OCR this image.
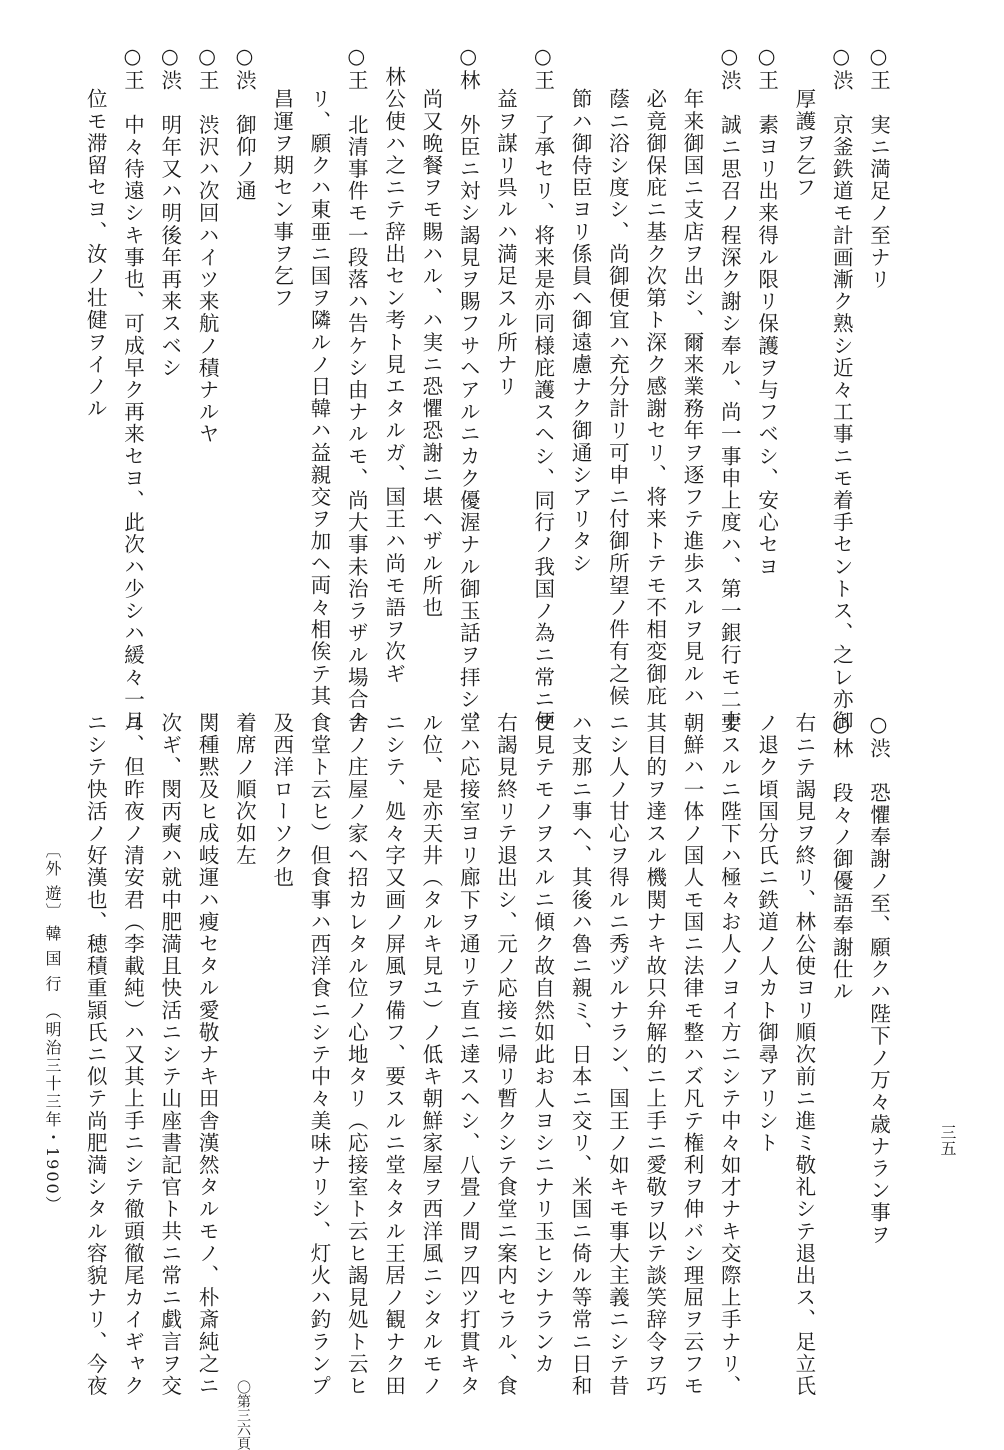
○王　実ニ満足ノ至ナリ
○渋　京釜鉄道モ計画漸ク熟シ近々工事ニモ着手セントス、之レ亦御
　　厚護ヲ乞フ
○王　素ヨリ出来得ル限リ保護ヲ与フベシ、安心セヨ
○渋　誠ニ思召ノ程深ク謝シ奉ル、尚一事申上度ハ、第一銀行モ二十
　　年来御国ニ支店ヲ出シ、爾来業務年ヲ逐フテ進歩スルヲ見ルハ
　　必竟御保庇ニ基ク次第ト深ク感謝セリ、将来トテモ不相変御庇
　　蔭ニ浴シ度シ、尚御便宜ハ充分計リ可申ニ付御所望ノ件有之候
　　節ハ御侍臣ヨリ係員ヘ御遠慮ナク御通シアリタシ
○王　了承セリ、将来是亦同様庇護スヘシ、同行ノ我国ノ為ニ常ニ便
　　益ヲ謀リ呉ルハ満足スル所ナリ
○林　外臣ニ対シ謁見ヲ賜フサヘアルニカク優渥ナル御玉話ヲ拝シ、
　　尚又晩餐ヲモ賜ハル、ハ実ニ恐懼恐謝ニ堪ヘザル所也
　林公使ハ之ニテ辞出セン考ト見エタルガ、国王ハ尚モ語ヲ次ギ
○王　北清事件モ一段落ハ告ケシ由ナルモ、尚大事未治ラザル場合ナ
　　リ、願クハ東亜ニ国ヲ隣ルノ日韓ハ益親交ヲ加ヘ両々相俟テ其
　　昌運ヲ期セン事ヲ乞フ
○渋　御仰ノ通
○王　渋沢ハ次回ハイツ来航ノ積ナルヤ
○渋　明年又ハ明後年再来スベシ
○王　中々待遠シキ事也、可成早ク再来セヨ、此次ハ少シハ緩々一月
　　位モ滞留セヨ、汝ノ壮健ヲイノル
○渋　恐懼奉謝ノ至、願クハ陛下ノ万々歳ナラン事ヲ
○林　段々ノ御優語奉謝仕ル
右ニテ謁見ヲ終リ、林公使ヨリ順次前ニ進ミ敬礼シテ退出ス、足立氏
ノ退ク頃国分氏ニ鉄道ノ人カト御尋アリシト
要スルニ陛下ハ極々お人ノヨイ方ニシテ中々如才ナキ交際上手ナリ、
朝鮮ハ一体ノ国人モ国ニ法律モ整ハズ凡テ権利ヲ伸バシ理屈ヲ云フモ
其目的ヲ達スル機関ナキ故只弁解的ニ上手ニ愛敬ヲ以テ談笑辞令ヲ巧
ニシ人ノ甘心ヲ得ルニ秀ヅルナラン、国王ノ如キモ事大主義ニシテ昔
ハ支那ニ事ヘ、其後ハ魯ニ親ミ、日本ニ交リ、米国ニ倚ル等常ニ日和
ヲ見テモノヲスルニ傾ク故自然如此お人ヨシニナリ玉ヒシナランカ
右謁見終リテ退出シ、元ノ応接ニ帰リ暫クシテ食堂ニ案内セラル、食
堂ハ応接室ヨリ廊下ヲ通リテ直ニ達スヘシ、八畳ノ間ヲ四ツ打貫キタ
ル位、是亦天井（タルキ見ユ）ノ低キ朝鮮家屋ヲ西洋風ニシタルモノ
ニシテ、処々字又画ノ屏風ヲ備フ、要スルニ堂々タル王居ノ観ナク田
舎ノ庄屋ノ家ヘ招カレタル位ノ心地タリ（応接室ト云ヒ謁見処ト云ヒ
食堂ト云ヒ）但食事ハ西洋食ニシテ中々美味ナリシ、灯火ハ釣ランプ
及西洋ローソク也
着席ノ順次如左
関種黙及ヒ成岐運ハ瘦セタル愛敬ナキ田舎漢然タルモノ、朴斎純之ニ
次ギ、閔丙奭ハ就中肥満且快活ニシテ山座書記官ト共ニ常ニ戯言ヲ交
ユ、但昨夜ノ清安君（李載純）ハ又其上手ニシテ徹頭徹尾カイギャク
ニシテ快活ノ好漢也、穂積重頴氏ニ似テ尚肥満シタル容貌ナリ、今夜
〔外 遊〕
韓 国 行
（明治三十三年・1900）	三五
〇第三六頁
